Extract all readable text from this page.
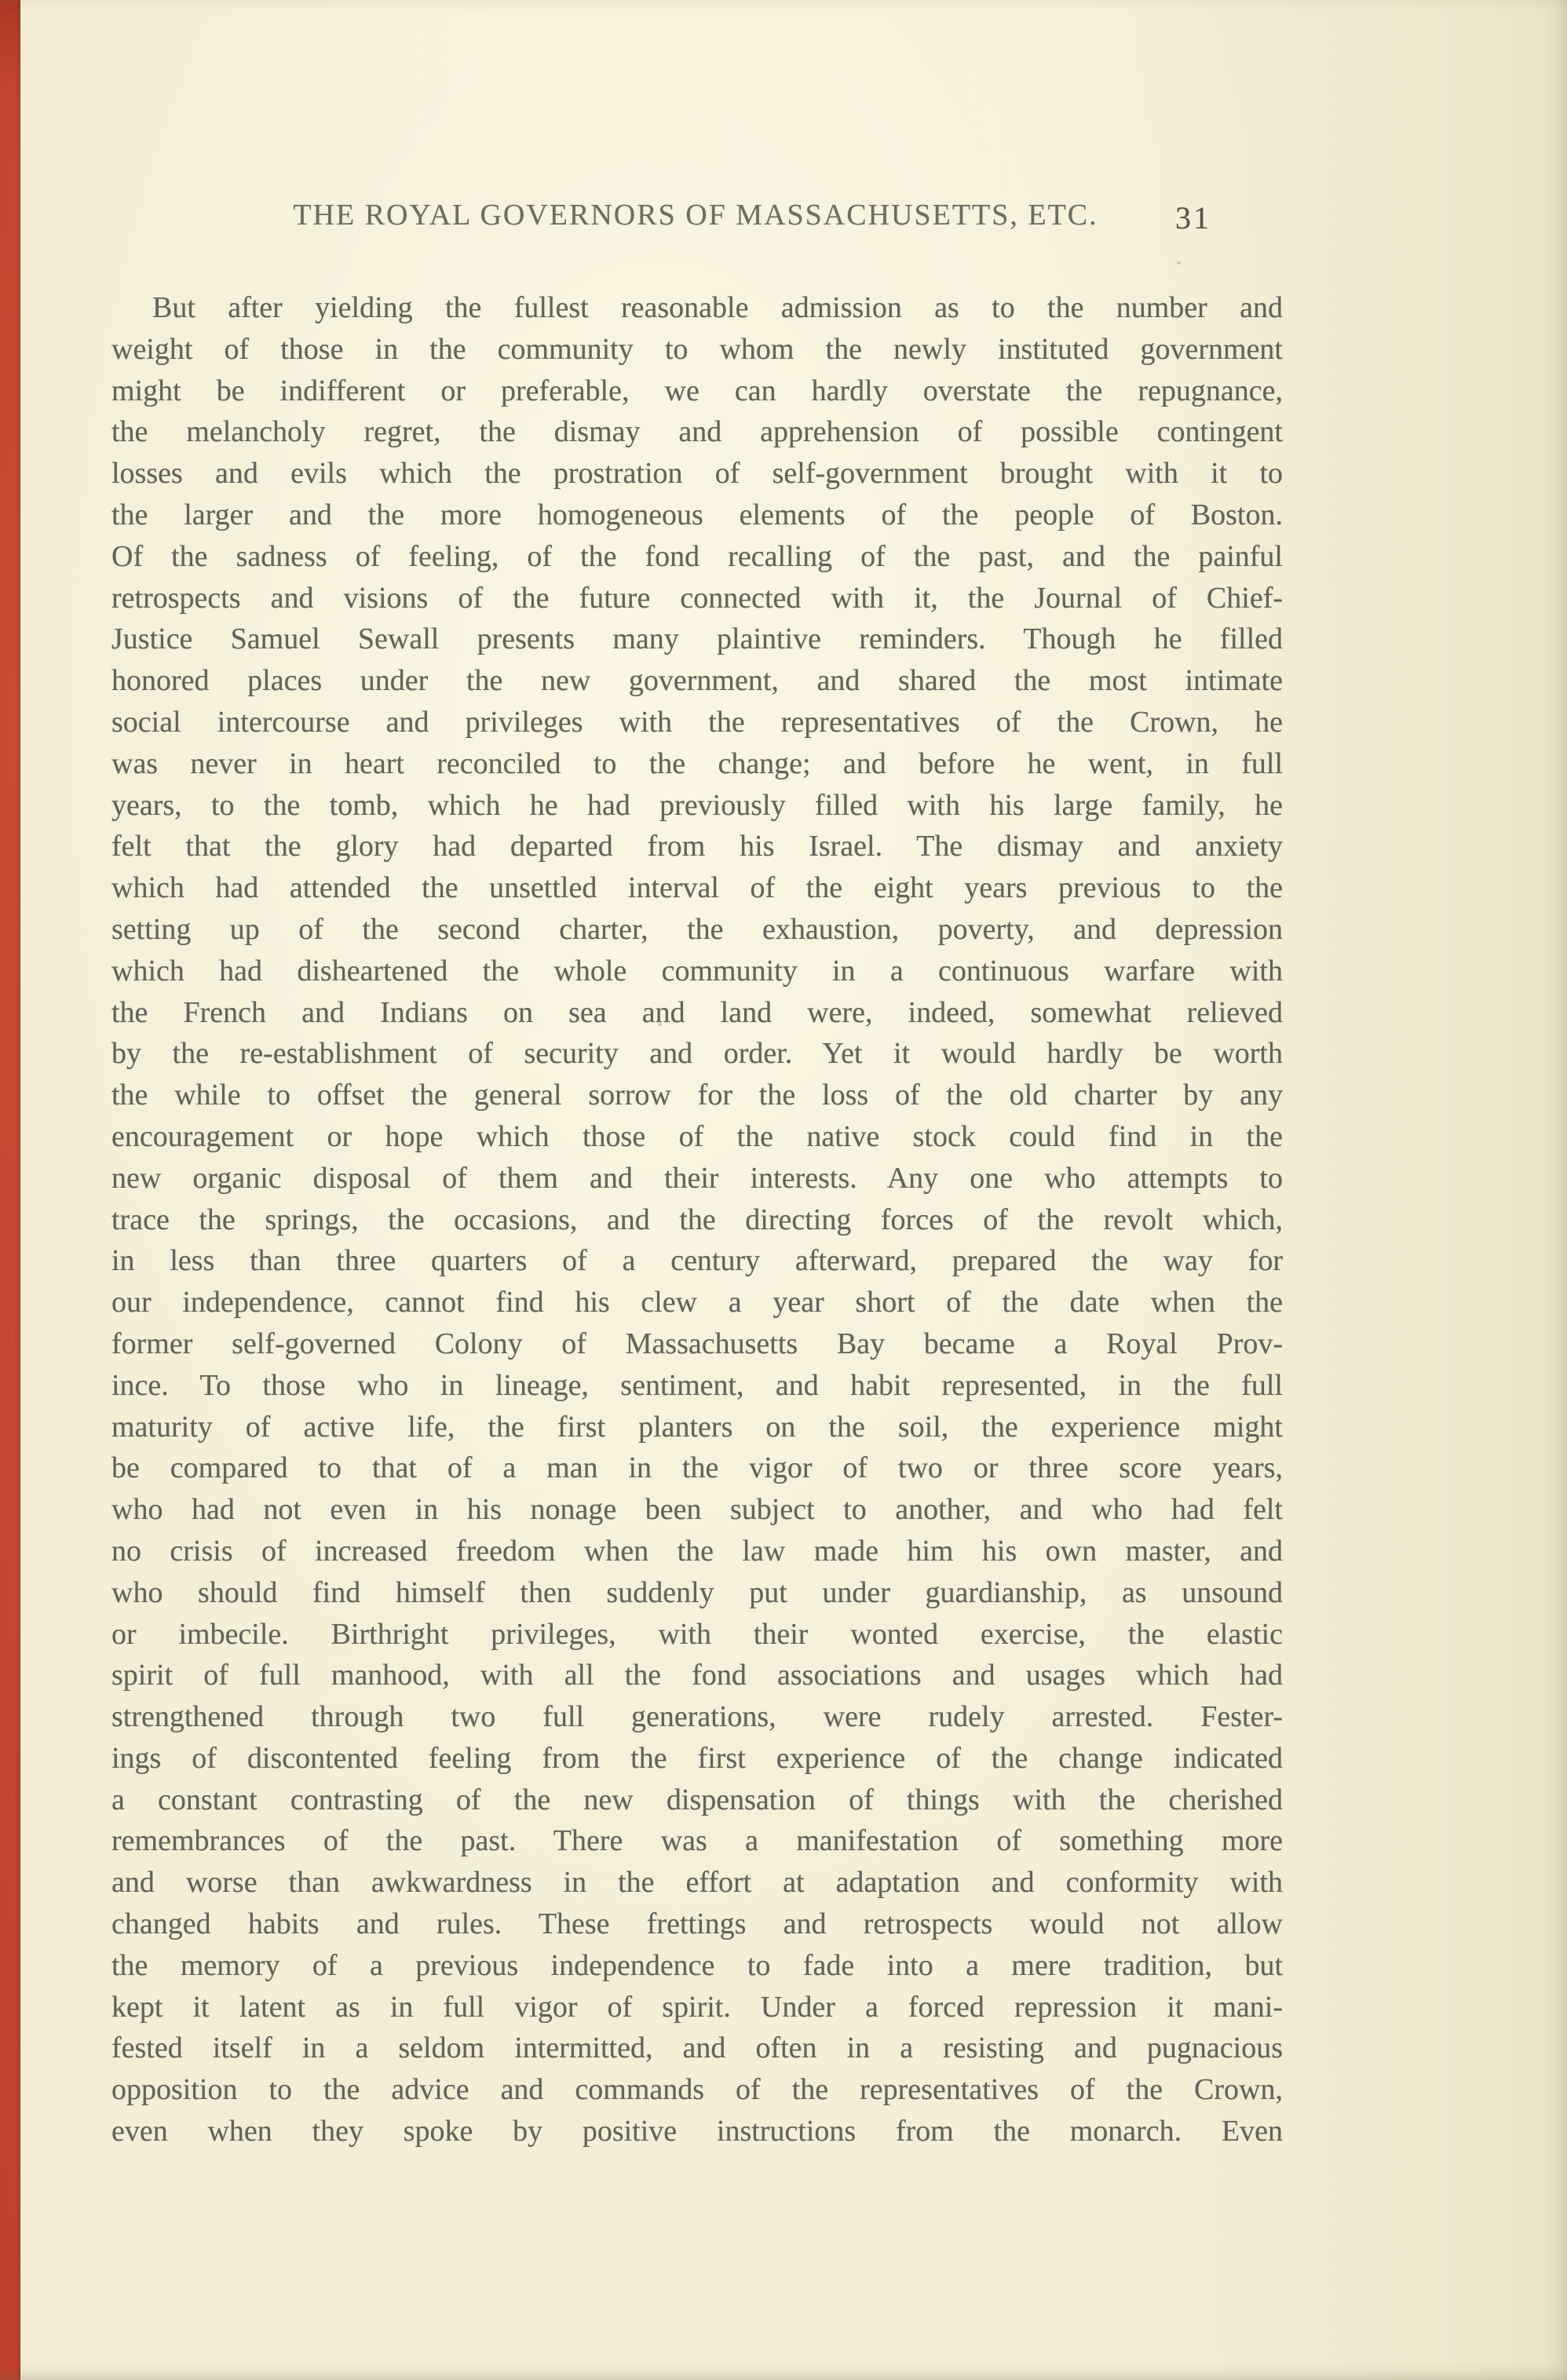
THE ROYAL GOVERNORS OF MASSACHUSETTS, ETC.	31
But after yielding the fullest reasonable admission as to the number and
weight of those in the community to whom the newly instituted government
might be indifferent or preferable, we can hardly overstate the repugnance,
the melancholy regret, the dismay and apprehension of possible contingent
losses and evils which the prostration of self-government brought with it to
the larger and the more homogeneous elements of the people of Boston.
Of the sadness of feeling, of the fond recalling of the past, and the painful
retrospects and visions of the future connected with it, the Journal of Chief-
Justice Samuel Sewall presents many plaintive reminders. Though he filled
honored places under the new government, and shared the most intimate
social intercourse and privileges with the representatives of the Crown, he
was never in heart reconciled to the change; and before he went, in full
years, to the tomb, which he had previously filled with his large family, he
felt that the glory had departed from his Israel. The dismay and anxiety
which had attended the unsettled interval of the eight years previous to the
setting up of the second charter, the exhaustion, poverty, and depression
which had disheartened the whole community in a continuous warfare with
the French and Indians on sea and land were, indeed, somewhat relieved
by the re-establishment of security and order. Yet it would hardly be worth
the while to offset the general sorrow for the loss of the old charter by any
encouragement or hope which those of the native stock could find in the
new organic disposal of them and their interests. Any one who attempts to
trace the springs, the occasions, and the directing forces of the revolt which,
in less than three quarters of a century afterward, prepared the way for
our independence, cannot find his clew a year short of the date when the
former self-governed Colony of Massachusetts Bay became a Royal Prov-
ince. To those who in lineage, sentiment, and habit represented, in the full
maturity of active life, the first planters on the soil, the experience might
be compared to that of a man in the vigor of two or three score years,
who had not even in his nonage been subject to another, and who had felt
no crisis of increased freedom when the law made him his own master, and
who should find himself then suddenly put under guardianship, as unsound
or imbecile. Birthright privileges, with their wonted exercise, the elastic
spirit of full manhood, with all the fond associations and usages which had
strengthened through two full generations, were rudely arrested. Fester-
ings of discontented feeling from the first experience of the change indicated
a constant contrasting of the new dispensation of things with the cherished
remembrances of the past. There was a manifestation of something more
and worse than awkwardness in the effort at adaptation and conformity with
changed habits and rules. These frettings and retrospects would not allow
the memory of a previous independence to fade into a mere tradition, but
kept it latent as in full vigor of spirit. Under a forced repression it mani-
fested itself in a seldom intermitted, and often in a resisting and pugnacious
opposition to the advice and commands of the representatives of the Crown,
even when they spoke by positive instructions from the monarch. Even
